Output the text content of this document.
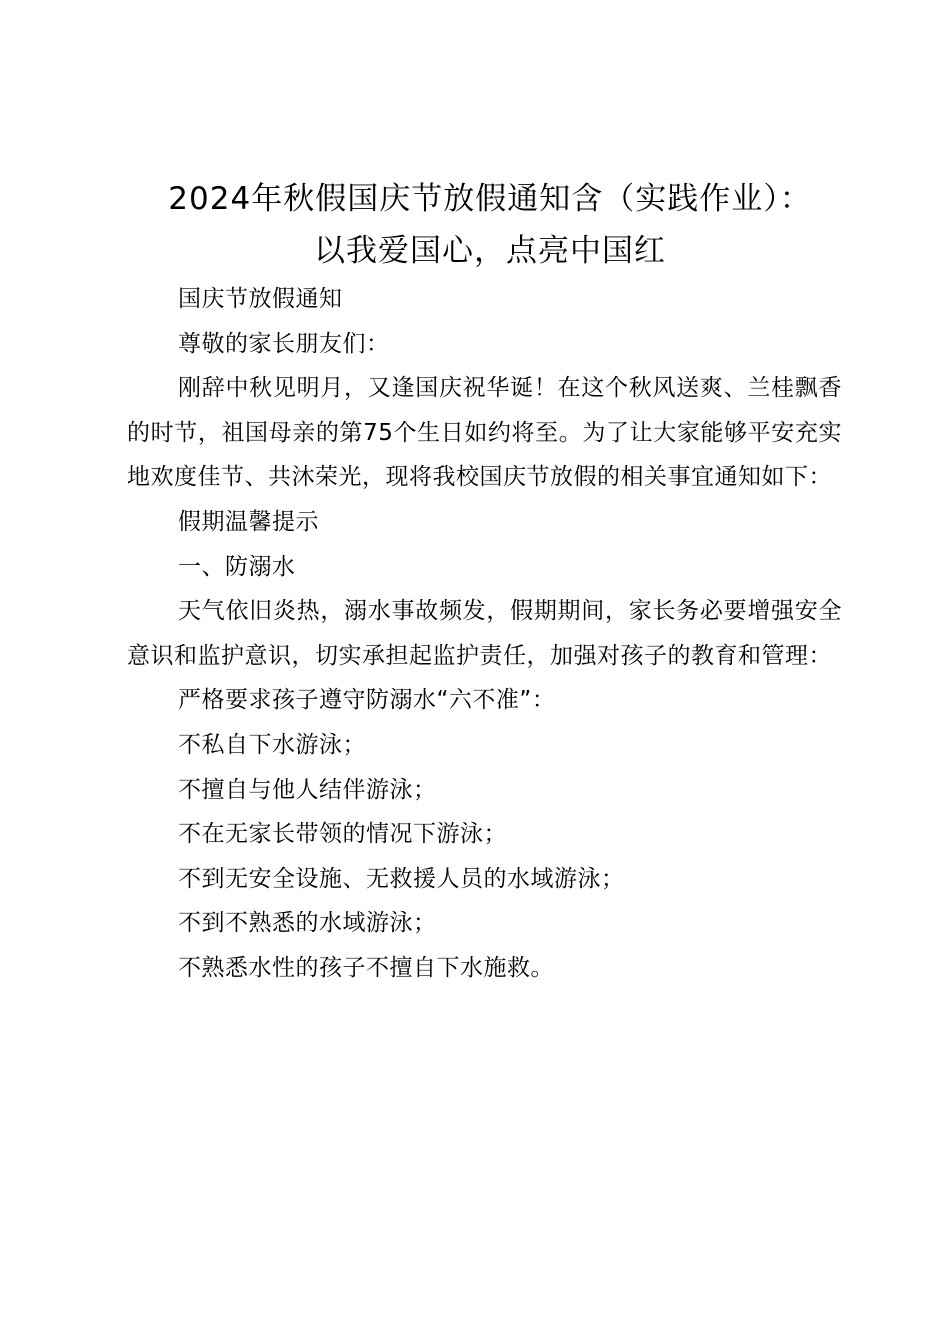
2024年秋假国庆节放假通知含（实践作业）：
以我爱国心，点亮中国红

国庆节放假通知

尊敬的家长朋友们：

刚辞中秋见明月，又逢国庆祝华诞！在这个秋风送爽、兰桂飘香的时节，祖国母亲的第75个生日如约将至。为了让大家能够平安充实地欢度佳节、共沐荣光，现将我校国庆节放假的相关事宜通知如下：

假期温馨提示

一、防溺水

天气依旧炎热，溺水事故频发，假期期间，家长务必要增强安全意识和监护意识，切实承担起监护责任，加强对孩子的教育和管理：

严格要求孩子遵守防溺水“六不准”：

不私自下水游泳；

不擅自与他人结伴游泳；

不在无家长带领的情况下游泳；

不到无安全设施、无救援人员的水域游泳；

不到不熟悉的水域游泳；

不熟悉水性的孩子不擅自下水施救。
